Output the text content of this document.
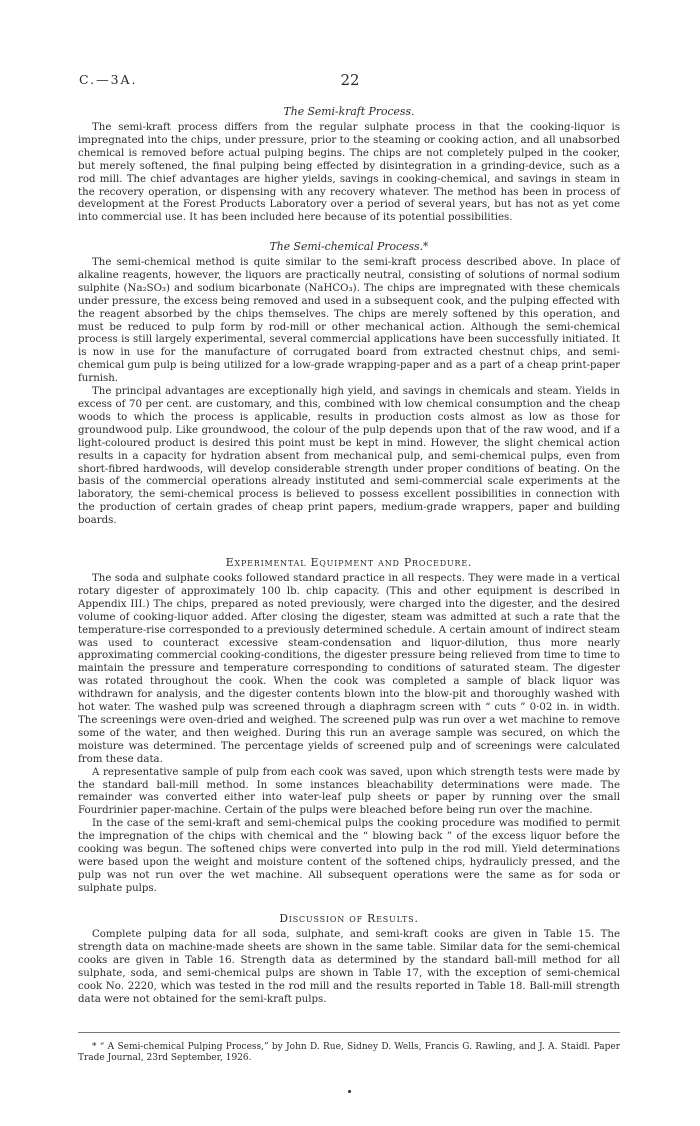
C.—3A.	22
The Semi-kraft Process.

The semi-kraft process differs from the regular sulphate process in that the cooking-liquor is impregnated into the chips, under pressure, prior to the steaming or cooking action, and all unabsorbed chemical is removed before actual pulping begins. The chips are not completely pulped in the cooker, but merely softened, the final pulping being effected by disintegration in a grinding-device, such as a rod mill. The chief advantages are higher yields, savings in cooking-chemical, and savings in steam in the recovery operation, or dispensing with any recovery whatever. The method has been in process of development at the Forest Products Laboratory over a period of several years, but has not as yet come into commercial use. It has been included here because of its potential possibilities.

The Semi-chemical Process.*

The semi-chemical method is quite similar to the semi-kraft process described above. In place of alkaline reagents, however, the liquors are practically neutral, consisting of solutions of normal sodium sulphite (Na₂SO₃) and sodium bicarbonate (NaHCO₃). The chips are impregnated with these chemicals under pressure, the excess being removed and used in a subsequent cook, and the pulping effected with the reagent absorbed by the chips themselves. The chips are merely softened by this operation, and must be reduced to pulp form by rod-mill or other mechanical action. Although the semi-chemical process is still largely experimental, several commercial applications have been successfully initiated. It is now in use for the manufacture of corrugated board from extracted chestnut chips, and semi-chemical gum pulp is being utilized for a low-grade wrapping-paper and as a part of a cheap print-paper furnish.

The principal advantages are exceptionally high yield, and savings in chemicals and steam. Yields in excess of 70 per cent. are customary, and this, combined with low chemical consumption and the cheap woods to which the process is applicable, results in production costs almost as low as those for groundwood pulp. Like groundwood, the colour of the pulp depends upon that of the raw wood, and if a light-coloured product is desired this point must be kept in mind. However, the slight chemical action results in a capacity for hydration absent from mechanical pulp, and semi-chemical pulps, even from short-fibred hardwoods, will develop considerable strength under proper conditions of beating. On the basis of the commercial operations already instituted and semi-commercial scale experiments at the laboratory, the semi-chemical process is believed to possess excellent possibilities in connection with the production of certain grades of cheap print papers, medium-grade wrappers, paper and building boards.

Experimental Equipment and Procedure.

The soda and sulphate cooks followed standard practice in all respects. They were made in a vertical rotary digester of approximately 100 lb. chip capacity. (This and other equipment is described in Appendix III.) The chips, prepared as noted previously, were charged into the digester, and the desired volume of cooking-liquor added. After closing the digester, steam was admitted at such a rate that the temperature-rise corresponded to a previously determined schedule. A certain amount of indirect steam was used to counteract excessive steam-condensation and liquor-dilution, thus more nearly approximating commercial cooking-conditions, the digester pressure being relieved from time to time to maintain the pressure and temperature corresponding to conditions of saturated steam. The digester was rotated throughout the cook. When the cook was completed a sample of black liquor was withdrawn for analysis, and the digester contents blown into the blow-pit and thoroughly washed with hot water. The washed pulp was screened through a diaphragm screen with “ cuts ” 0·02 in. in width. The screenings were oven-dried and weighed. The screened pulp was run over a wet machine to remove some of the water, and then weighed. During this run an average sample was secured, on which the moisture was determined. The percentage yields of screened pulp and of screenings were calculated from these data.

A representative sample of pulp from each cook was saved, upon which strength tests were made by the standard ball-mill method. In some instances bleachability determinations were made. The remainder was converted either into water-leaf pulp sheets or paper by running over the small Fourdrinier paper-machine. Certain of the pulps were bleached before being run over the machine.

In the case of the semi-kraft and semi-chemical pulps the cooking procedure was modified to permit the impregnation of the chips with chemical and the “ blowing back ” of the excess liquor before the cooking was begun. The softened chips were converted into pulp in the rod mill. Yield determinations were based upon the weight and moisture content of the softened chips, hydraulicly pressed, and the pulp was not run over the wet machine. All subsequent operations were the same as for soda or sulphate pulps.

Discussion of Results.

Complete pulping data for all soda, sulphate, and semi-kraft cooks are given in Table 15. The strength data on machine-made sheets are shown in the same table. Similar data for the semi-chemical cooks are given in Table 16. Strength data as determined by the standard ball-mill method for all sulphate, soda, and semi-chemical pulps are shown in Table 17, with the exception of semi-chemical cook No. 2220, which was tested in the rod mill and the results reported in Table 18. Ball-mill strength data were not obtained for the semi-kraft pulps.

* “ A Semi-chemical Pulping Process,” by John D. Rue, Sidney D. Wells, Francis G. Rawling, and J. A. Staidl. Paper Trade Journal, 23rd September, 1926.
